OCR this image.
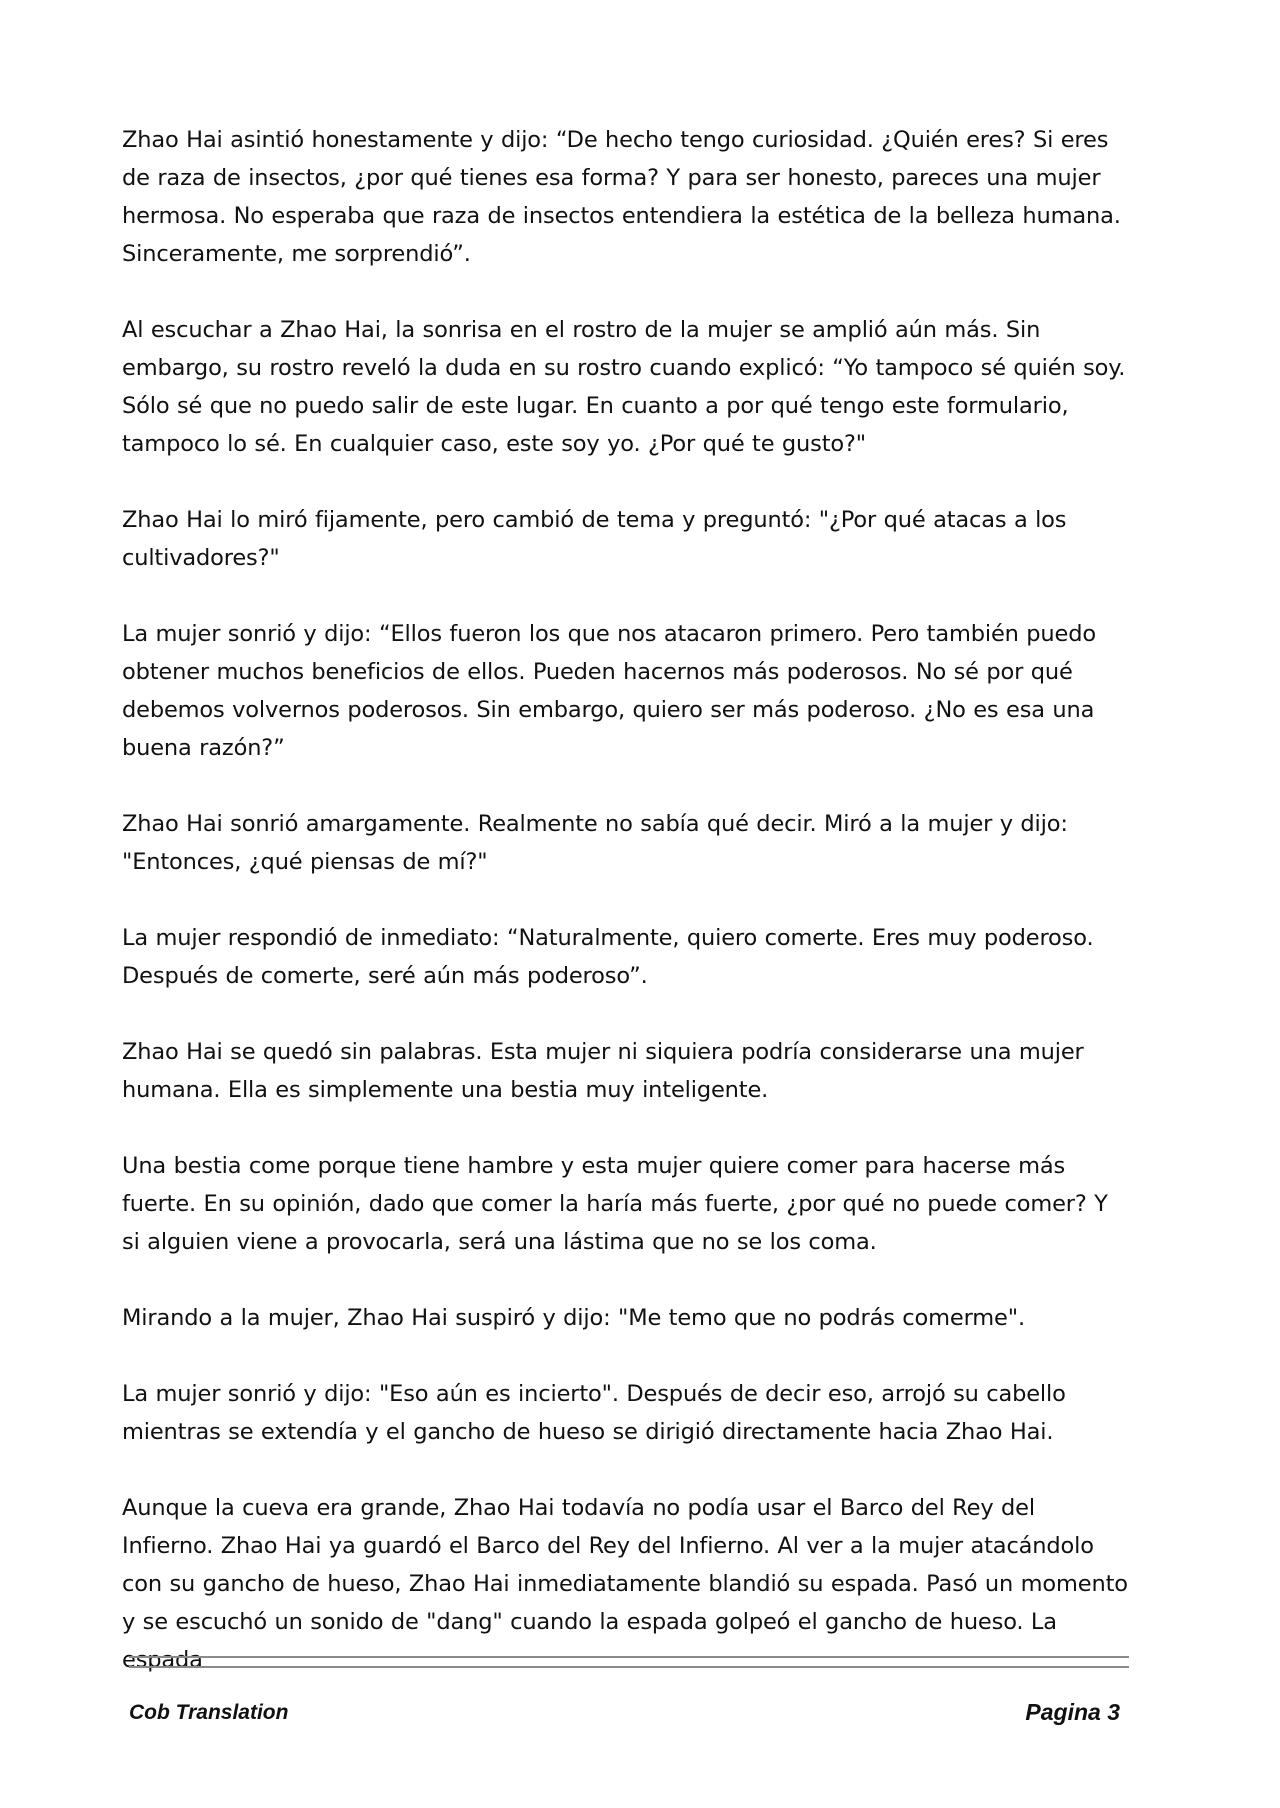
Zhao Hai asintió honestamente y dijo: “De hecho tengo curiosidad. ¿Quién eres? Si eres de raza de insectos, ¿por qué tienes esa forma? Y para ser honesto, pareces una mujer hermosa. No esperaba que raza de insectos entendiera la estética de la belleza humana. Sinceramente, me sorprendió”.

Al escuchar a Zhao Hai, la sonrisa en el rostro de la mujer se amplió aún más. Sin embargo, su rostro reveló la duda en su rostro cuando explicó: “Yo tampoco sé quién soy. Sólo sé que no puedo salir de este lugar. En cuanto a por qué tengo este formulario, tampoco lo sé. En cualquier caso, este soy yo. ¿Por qué te gusto?"

Zhao Hai lo miró fijamente, pero cambió de tema y preguntó: "¿Por qué atacas a los cultivadores?"

La mujer sonrió y dijo: “Ellos fueron los que nos atacaron primero. Pero también puedo obtener muchos beneficios de ellos. Pueden hacernos más poderosos. No sé por qué debemos volvernos poderosos. Sin embargo, quiero ser más poderoso. ¿No es esa una buena razón?”

Zhao Hai sonrió amargamente. Realmente no sabía qué decir. Miró a la mujer y dijo: "Entonces, ¿qué piensas de mí?"

La mujer respondió de inmediato: “Naturalmente, quiero comerte. Eres muy poderoso. Después de comerte, seré aún más poderoso”.

Zhao Hai se quedó sin palabras. Esta mujer ni siquiera podría considerarse una mujer humana. Ella es simplemente una bestia muy inteligente.

Una bestia come porque tiene hambre y esta mujer quiere comer para hacerse más fuerte. En su opinión, dado que comer la haría más fuerte, ¿por qué no puede comer? Y si alguien viene a provocarla, será una lástima que no se los coma.

Mirando a la mujer, Zhao Hai suspiró y dijo: "Me temo que no podrás comerme".

La mujer sonrió y dijo: "Eso aún es incierto". Después de decir eso, arrojó su cabello mientras se extendía y el gancho de hueso se dirigió directamente hacia Zhao Hai.

Aunque la cueva era grande, Zhao Hai todavía no podía usar el Barco del Rey del Infierno. Zhao Hai ya guardó el Barco del Rey del Infierno. Al ver a la mujer atacándolo con su gancho de hueso, Zhao Hai inmediatamente blandió su espada. Pasó un momento y se escuchó un sonido de "dang" cuando la espada golpeó el gancho de hueso. La espada

Cob Translation	Pagina 3
